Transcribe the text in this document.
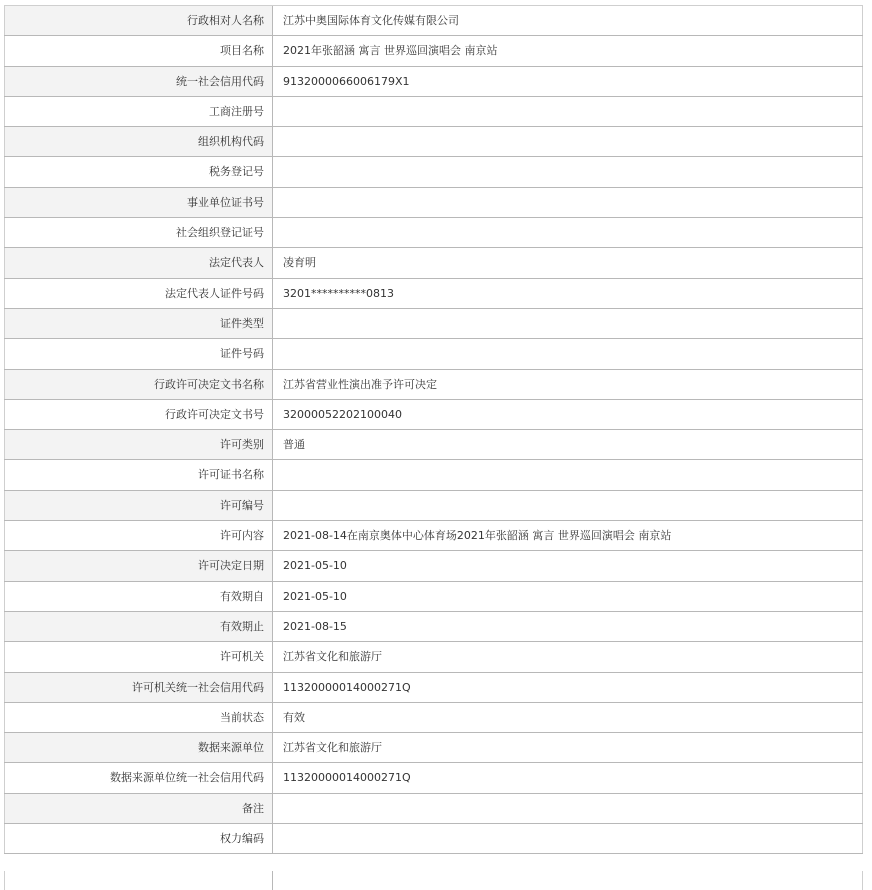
行政相对人名称	江苏中奥国际体育文化传媒有限公司
项目名称	2021年张韶涵 寓言 世界巡回演唱会 南京站
统一社会信用代码	9132000066006179X1
工商注册号
组织机构代码
税务登记号
事业单位证书号
社会组织登记证号
法定代表人	凌育明
法定代表人证件号码	3201**********0813
证件类型
证件号码
行政许可决定文书名称	江苏省营业性演出准予许可决定
行政许可决定文书号	32000052202100040
许可类别	普通
许可证书名称
许可编号
许可内容	2021-08-14在南京奥体中心体育场2021年张韶涵 寓言 世界巡回演唱会 南京站
许可决定日期	2021-05-10
有效期自	2021-05-10
有效期止	2021-08-15
许可机关	江苏省文化和旅游厅
许可机关统一社会信用代码	11320000014000271Q
当前状态	有效
数据来源单位	江苏省文化和旅游厅
数据来源单位统一社会信用代码	11320000014000271Q
备注
权力编码
